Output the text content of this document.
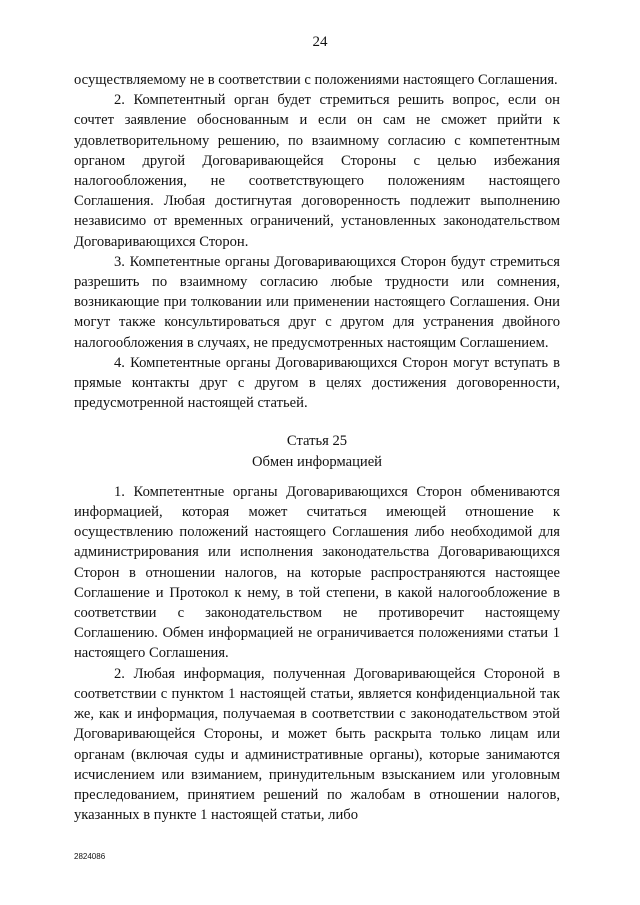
24

осуществляемому не в соответствии с положениями настоящего Соглашения.

2. Компетентный орган будет стремиться решить вопрос, если он сочтет заявление обоснованным и если он сам не сможет прийти к удовлетворительному решению, по взаимному согласию с компетентным органом другой Договаривающейся Стороны с целью избежания налогообложения, не соответствующего положениям настоящего Соглашения. Любая достигнутая договоренность подлежит выполнению независимо от временных ограничений, установленных законодательством Договаривающихся Сторон.

3. Компетентные органы Договаривающихся Сторон будут стремиться разрешить по взаимному согласию любые трудности или сомнения, возникающие при толковании или применении настоящего Соглашения. Они могут также консультироваться друг с другом для устранения двойного налогообложения в случаях, не предусмотренных настоящим Соглашением.

4. Компетентные органы Договаривающихся Сторон могут вступать в прямые контакты друг с другом в целях достижения договоренности, предусмотренной настоящей статьей.

Статья 25
Обмен информацией

1. Компетентные органы Договаривающихся Сторон обмениваются информацией, которая может считаться имеющей отношение к осуществлению положений настоящего Соглашения либо необходимой для администрирования или исполнения законодательства Договаривающихся Сторон в отношении налогов, на которые распространяются настоящее Соглашение и Протокол к нему, в той степени, в какой налогообложение в соответствии с законодательством не противоречит настоящему Соглашению. Обмен информацией не ограничивается положениями статьи 1 настоящего Соглашения.

2. Любая информация, полученная Договаривающейся Стороной в соответствии с пунктом 1 настоящей статьи, является конфиденциальной так же, как и информация, получаемая в соответствии с законодательством этой Договаривающейся Стороны, и может быть раскрыта только лицам или органам (включая суды и административные органы), которые занимаются исчислением или взиманием, принудительным взысканием или уголовным преследованием, принятием решений по жалобам в отношении налогов, указанных в пункте 1 настоящей статьи, либо

2824086
